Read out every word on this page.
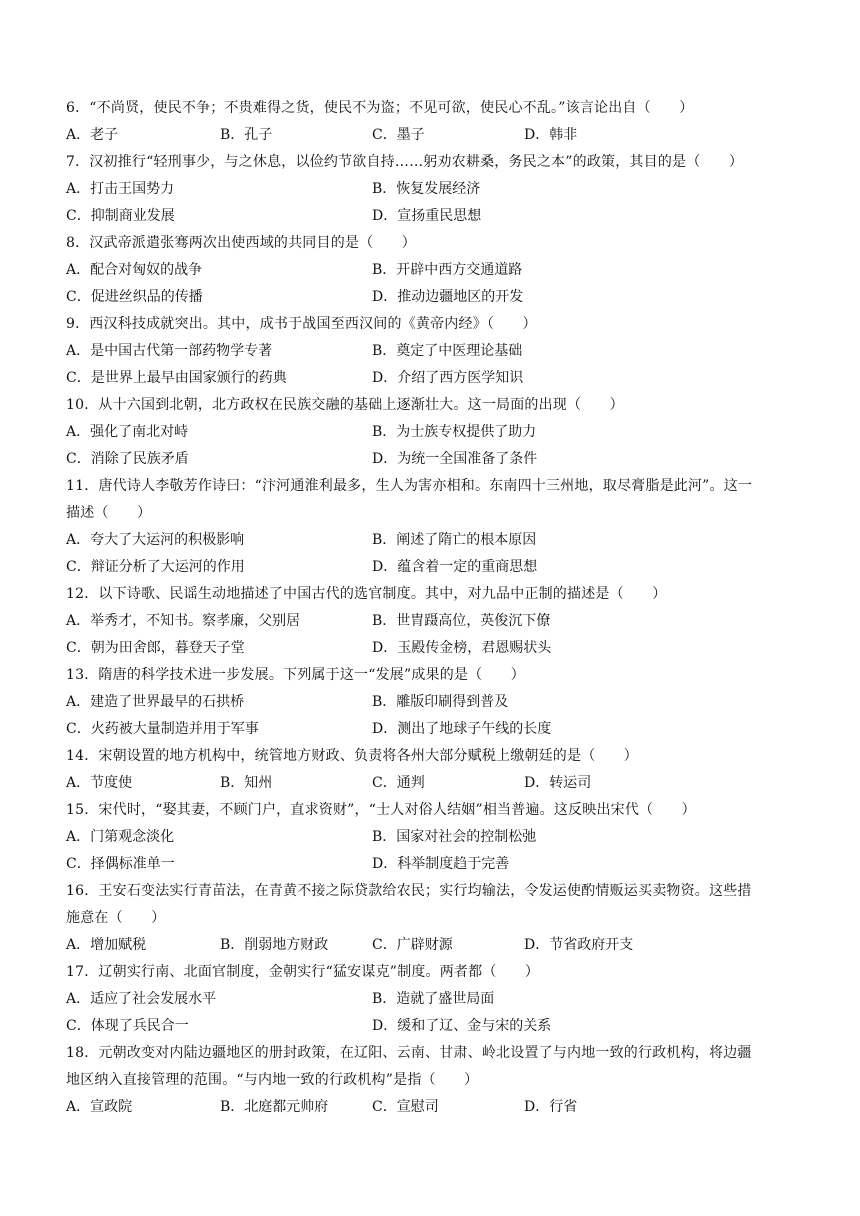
6．“不尚贤，使民不争；不贵难得之货，使民不为盗；不见可欲，使民心不乱。”该言论出自（　　）
A．老子	B．孔子	C．墨子	D．韩非
7．汉初推行“轻刑事少，与之休息，以俭约节欲自持……躬劝农耕桑，务民之本”的政策，其目的是（　　）
A．打击王国势力	B．恢复发展经济
C．抑制商业发展	D．宣扬重民思想
8．汉武帝派遣张骞两次出使西域的共同目的是（　　）
A．配合对匈奴的战争	B．开辟中西方交通道路
C．促进丝织品的传播	D．推动边疆地区的开发
9．西汉科技成就突出。其中，成书于战国至西汉间的《黄帝内经》（　　）
A．是中国古代第一部药物学专著	B．奠定了中医理论基础
C．是世界上最早由国家颁行的药典	D．介绍了西方医学知识
10．从十六国到北朝，北方政权在民族交融的基础上逐渐壮大。这一局面的出现（　　）
A．强化了南北对峙	B．为士族专权提供了助力
C．消除了民族矛盾	D．为统一全国准备了条件
11．唐代诗人李敬芳作诗曰：“汴河通淮利最多，生人为害亦相和。东南四十三州地，取尽膏脂是此河”。这一
描述（　　）
A．夸大了大运河的积极影响	B．阐述了隋亡的根本原因
C．辩证分析了大运河的作用	D．蕴含着一定的重商思想
12．以下诗歌、民谣生动地描述了中国古代的选官制度。其中，对九品中正制的描述是（　　）
A．举秀才，不知书。察孝廉，父别居	B．世胄蹑高位，英俊沉下僚
C．朝为田舍郎，暮登天子堂	D．玉殿传金榜，君恩赐状头
13．隋唐的科学技术进一步发展。下列属于这一“发展”成果的是（　　）
A．建造了世界最早的石拱桥	B．雕版印刷得到普及
C．火药被大量制造并用于军事	D．测出了地球子午线的长度
14．宋朝设置的地方机构中，统管地方财政、负责将各州大部分赋税上缴朝廷的是（　　）
A．节度使	B．知州	C．通判	D．转运司
15．宋代时，“娶其妻，不顾门户，直求资财”，“士人对俗人结姻”相当普遍。这反映出宋代（　　）
A．门第观念淡化	B．国家对社会的控制松弛
C．择偶标准单一	D．科举制度趋于完善
16．王安石变法实行青苗法，在青黄不接之际贷款给农民；实行均输法，令发运使酌情贩运买卖物资。这些措
施意在（　　）
A．增加赋税	B．削弱地方财政	C．广辟财源	D．节省政府开支
17．辽朝实行南、北面官制度，金朝实行“猛安谋克”制度。两者都（　　）
A．适应了社会发展水平	B．造就了盛世局面
C．体现了兵民合一	D．缓和了辽、金与宋的关系
18．元朝改变对内陆边疆地区的册封政策，在辽阳、云南、甘肃、岭北设置了与内地一致的行政机构，将边疆
地区纳入直接管理的范围。“与内地一致的行政机构”是指（　　）
A．宣政院	B．北庭都元帅府	C．宣慰司	D．行省
